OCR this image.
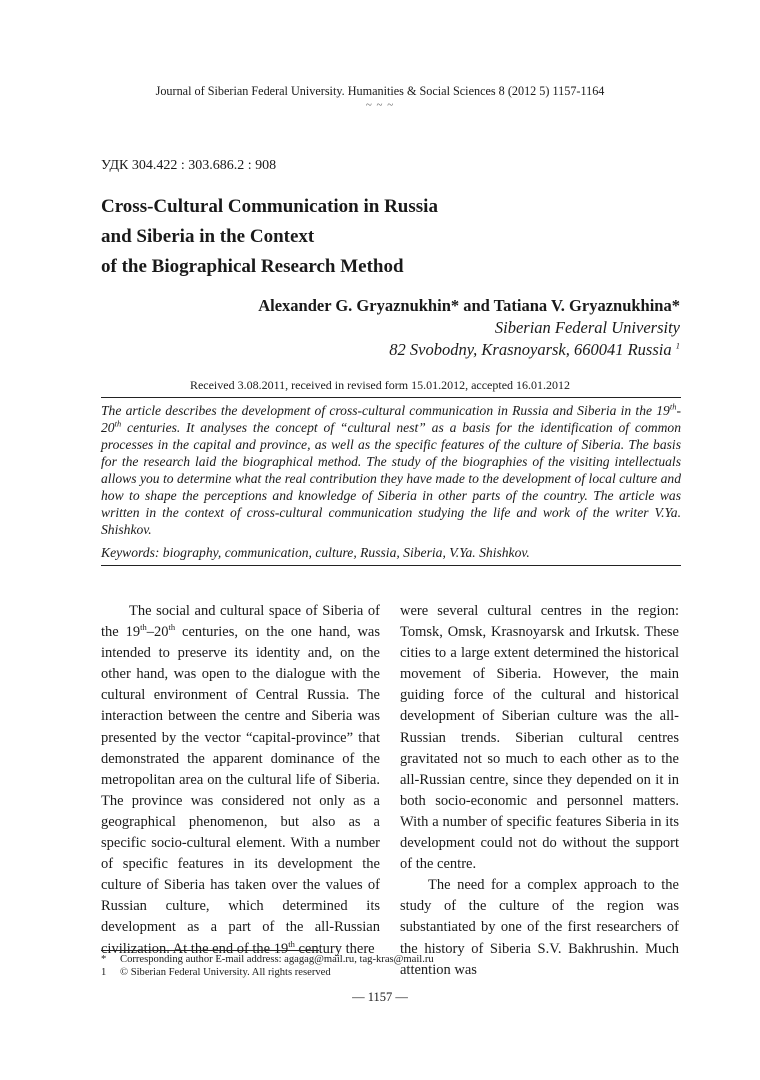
Journal of Siberian Federal University. Humanities & Social Sciences 8 (2012 5) 1157-1164
~ ~ ~
УДК 304.422 : 303.686.2 : 908
Cross-Cultural Communication in Russia
and Siberia in the Context
of the Biographical Research Method
Alexander G. Gryaznukhin* and Tatiana V. Gryaznukhina*
Siberian Federal University
82 Svobodny, Krasnoyarsk, 660041 Russia $^1$
Received 3.08.2011, received in revised form 15.01.2012, accepted 16.01.2012

The article describes the development of cross-cultural communication in Russia and Siberia in the 19th-20th centuries. It analyses the concept of “cultural nest” as a basis for the identification of common processes in the capital and province, as well as the specific features of the culture of Siberia. The basis for the research laid the biographical method. The study of the biographies of the visiting intellectuals allows you to determine what the real contribution they have made to the development of local culture and how to shape the perceptions and knowledge of Siberia in other parts of the country. The article was written in the context of cross-cultural communication studying the life and work of the writer V.Ya. Shishkov.

Keywords: biography, communication, culture, Russia, Siberia, V.Ya. Shishkov.

The social and cultural space of Siberia of the 19th–20th centuries, on the one hand, was intended to preserve its identity and, on the other hand, was open to the dialogue with the cultural environment of Central Russia. The interaction between the centre and Siberia was presented by the vector “capital-province” that demonstrated the apparent dominance of the metropolitan area on the cultural life of Siberia. The province was considered not only as a geographical phenomenon, but also as a specific socio-cultural element. With a number of specific features in its development the culture of Siberia has taken over the values of Russian culture, which determined its development as a part of the all-Russian civilization. At the end of the 19th century there

were several cultural centres in the region: Tomsk, Omsk, Krasnoyarsk and Irkutsk. These cities to a large extent determined the historical movement of Siberia. However, the main guiding force of the cultural and historical development of Siberian culture was the all-Russian trends. Siberian cultural centres gravitated not so much to each other as to the all-Russian centre, since they depended on it in both socio-economic and personnel matters. With a number of specific features Siberia in its development could not do without the support of the centre.

The need for a complex approach to the study of the culture of the region was substantiated by one of the first researchers of the history of Siberia S.V. Bakhrushin. Much attention was

* Corresponding author E-mail address: agagag@mail.ru, tag-kras@mail.ru
1 © Siberian Federal University. All rights reserved
— 1157 —
